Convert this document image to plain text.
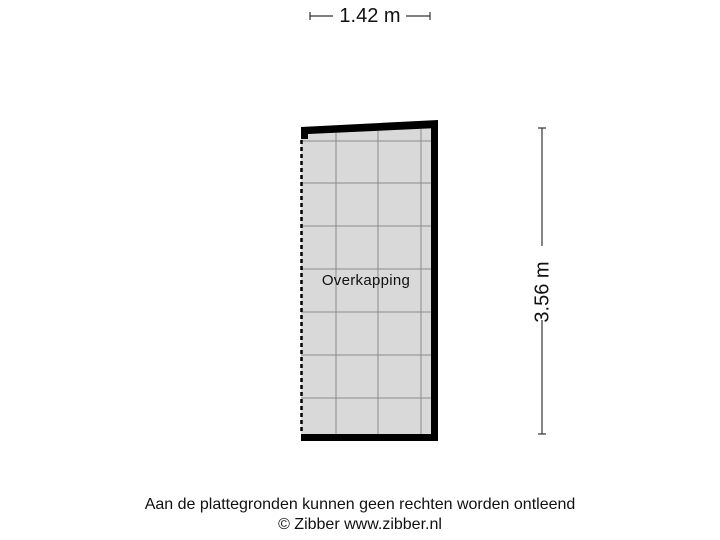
1.42 m
3.56 m
Overkapping
Aan de plattegronden kunnen geen rechten worden ontleend
© Zibber www.zibber.nl
